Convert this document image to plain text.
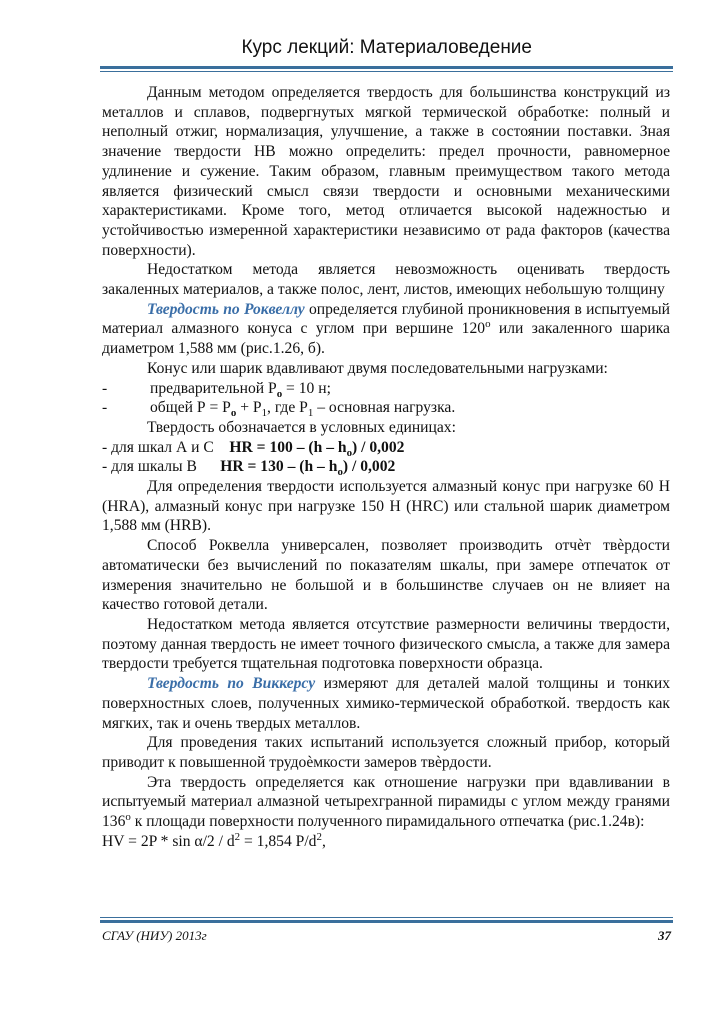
Курс лекций: Материаловедение

Данным методом определяется твердость для большинства конструкций из металлов и сплавов, подвергнутых мягкой термической обработке: полный и неполный отжиг, нормализация, улучшение, а также в состоянии поставки. Зная значение твердости НВ можно определить: предел прочности, равномерное удлинение и сужение. Таким образом, главным преимуществом такого метода является физический смысл связи твердости и основными механическими характеристиками. Кроме того, метод отличается высокой надежностью и устойчивостью измеренной характеристики независимо от рада факторов (качества поверхности).

Недостатком метода является невозможность оценивать твердость закаленных материалов, а также полос, лент, листов, имеющих небольшую толщину

Твердость по Роквеллу определяется глубиной проникновения в испытуемый материал алмазного конуса с углом при вершине $120^о$ или закаленного шарика диаметром 1,588 мм (рис.1.26, б).

Конус или шарик вдавливают двумя последовательными нагрузками:

-	предварительной $Р_о = 10$ н;

-	общей $Р = Р_о + Р_1$, где $Р_1$ – основная нагрузка.

Твердость обозначается в условных единицах:

- для шкал А и С HR = $100 - (h - h_o) / 0,002$

- для шкалы В HR = $130 - (h - h_o) / 0,002$

Для определения твердости используется алмазный конус при нагрузке 60 Н (HRA), алмазный конус при нагрузке 150 Н (HRC) или стальной шарик диаметром 1,588 мм (HRB).

Способ Роквелла универсален, позволяет производить отчѐт твѐрдости автоматически без вычислений по показателям шкалы, при замере отпечаток от измерения значительно не большой и в большинстве случаев он не влияет на качество готовой детали.

Недостатком метода является отсутствие размерности величины твердости, поэтому данная твердость не имеет точного физического смысла, а также для замера твердости требуется тщательная подготовка поверхности образца.

Твердость по Виккерсу измеряют для деталей малой толщины и тонких поверхностных слоев, полученных химико-термической обработкой. твердость как мягких, так и очень твердых металлов.

Для проведения таких испытаний используется сложный прибор, который приводит к повышенной трудоѐмкости замеров твѐрдости.

Эта твердость определяется как отношение нагрузки при вдавливании в испытуемый материал алмазной четырехгранной пирамиды с углом между гранями $136^о$ к площади поверхности полученного пирамидального отпечатка (рис.1.24в):

HV = $2P * \sin \alpha/2 / d^2 = 1,854$ $P/d^2$,

СГАУ (НИУ) 2013г	37
